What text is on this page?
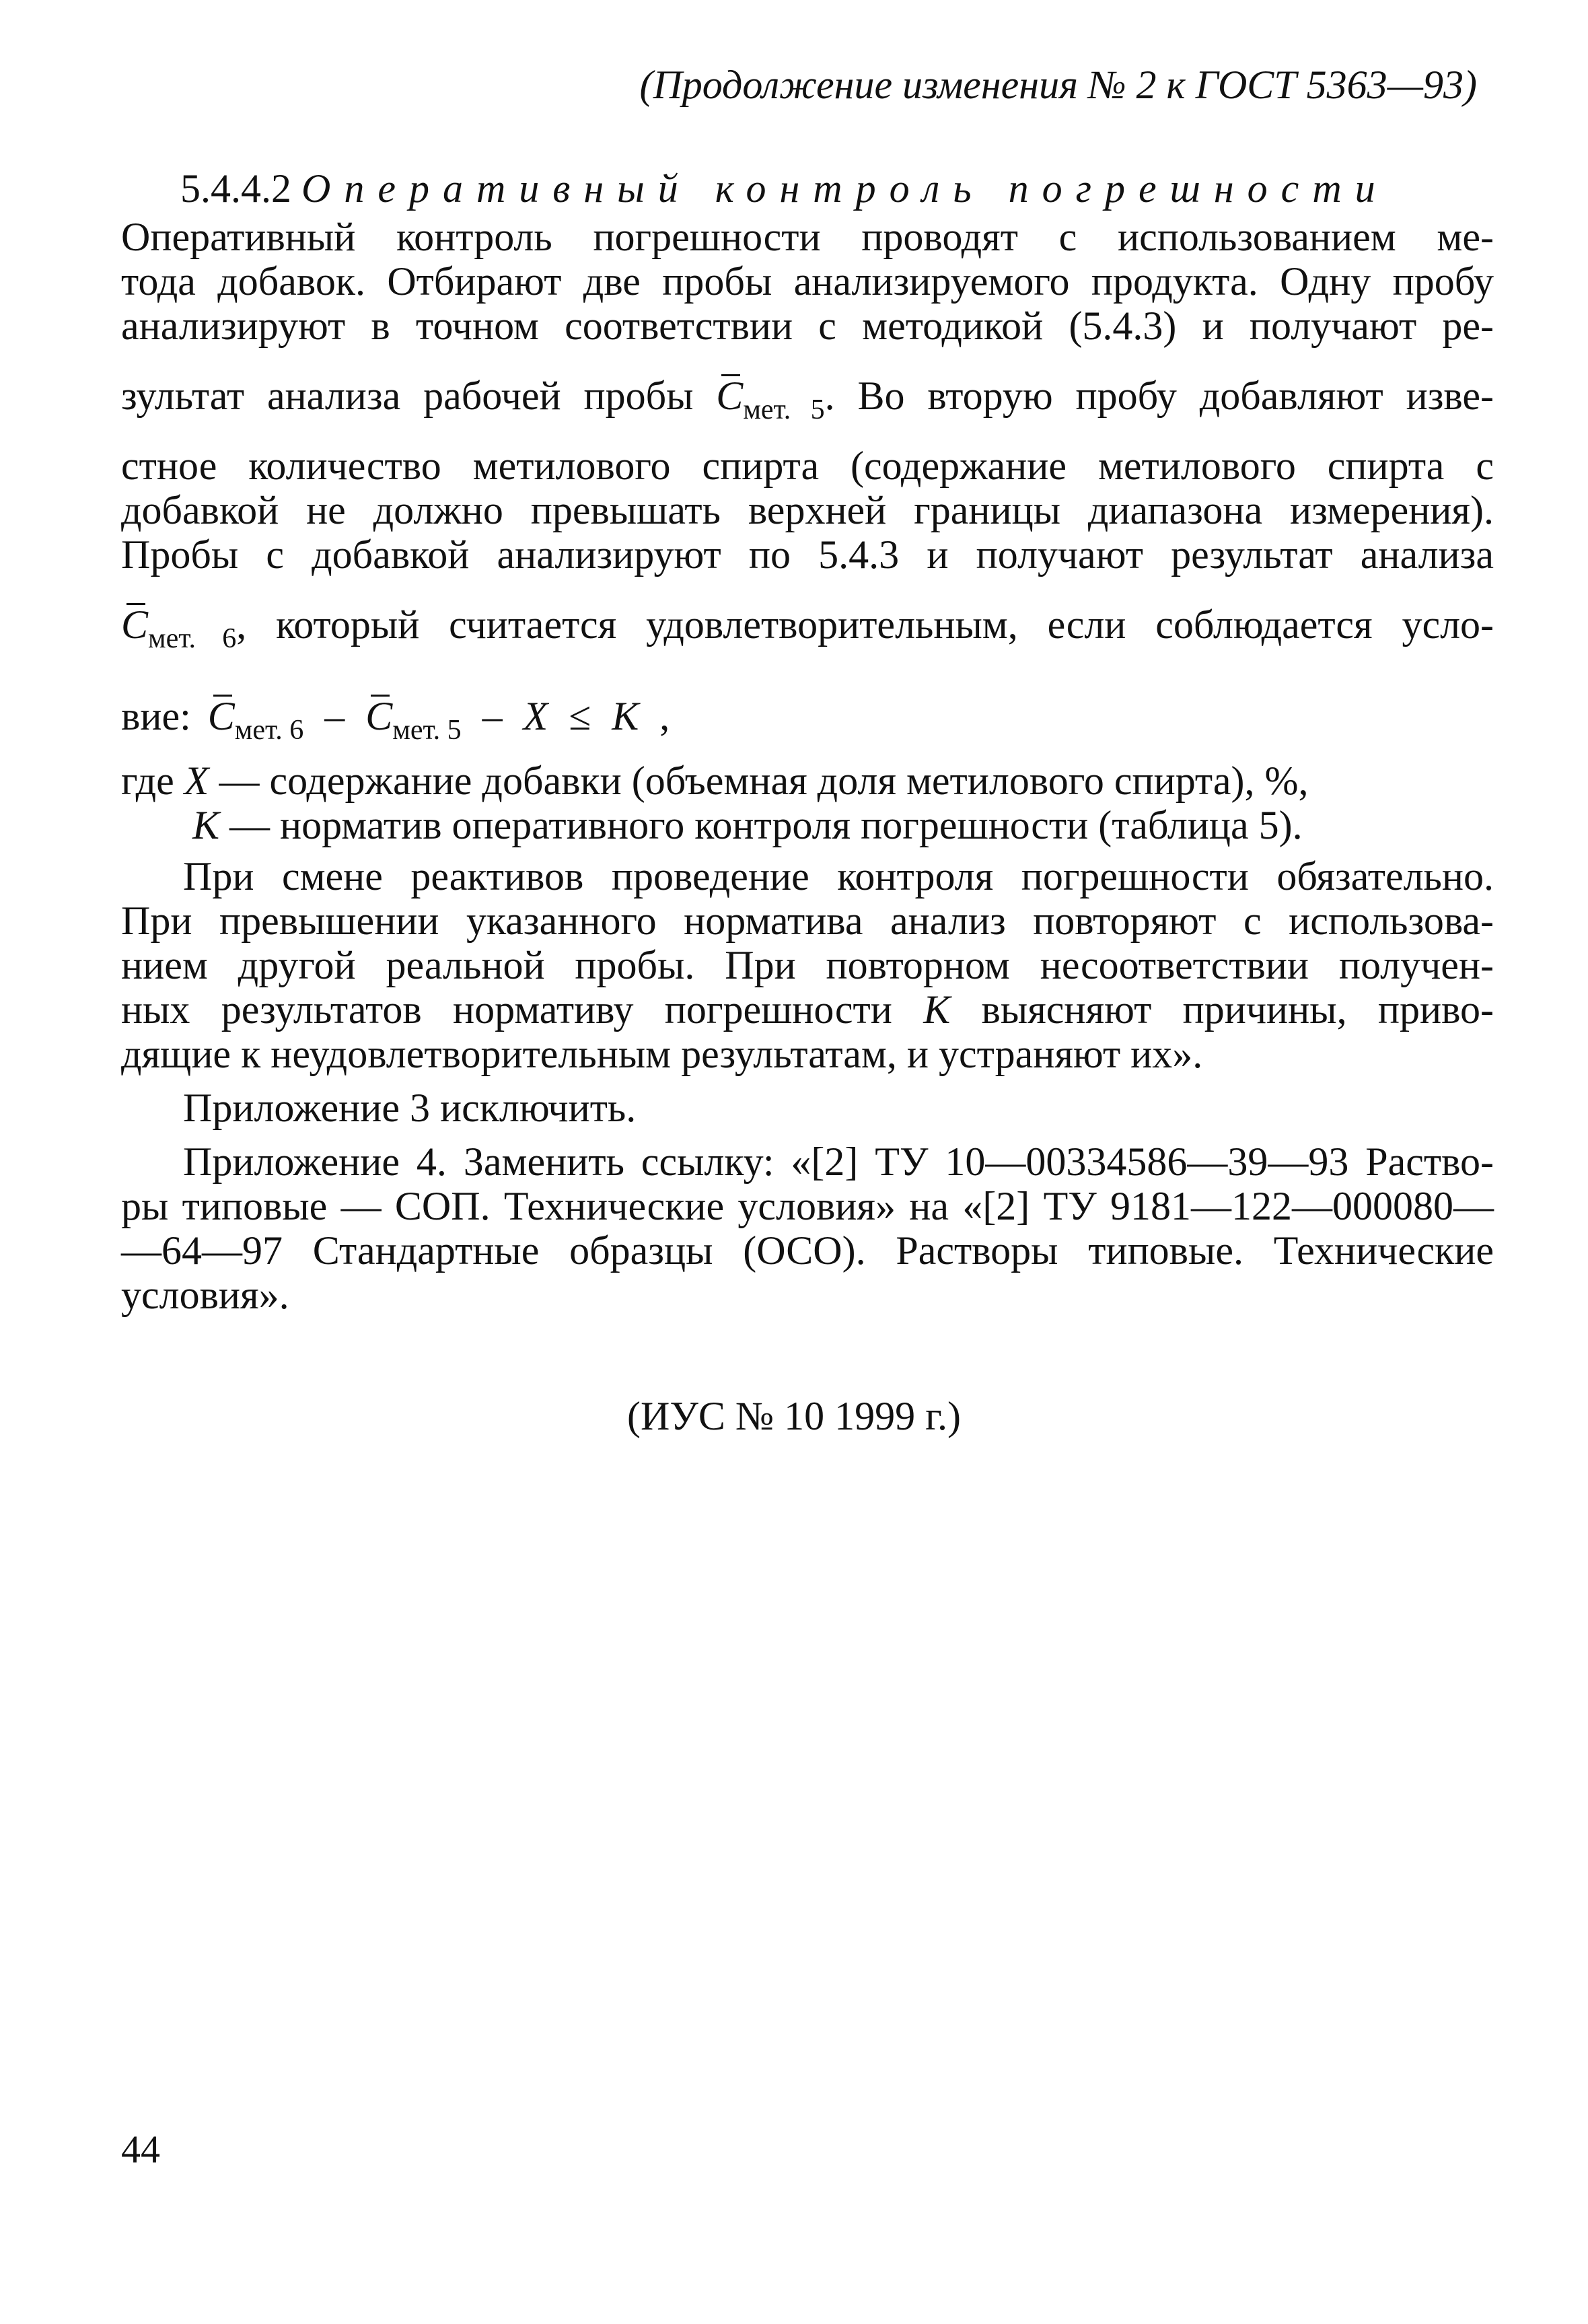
(Продолжение изменения № 2 к ГОСТ 5363—93)
5.4.4.2 Оперативный контроль погрешности
Оперативный контроль погрешности проводят с использованием ме-
тода добавок. Отбирают две пробы анализируемого продукта. Одну пробу
анализируют в точном соответствии с методикой (5.4.3) и получают ре-
зультат анализа рабочей пробы $C_{мет. 5}$. Во вторую пробу добавляют изве-
стное количество метилового спирта (содержание метилового спирта с
добавкой не должно превышать верхней границы диапазона измерения).
Пробы с добавкой анализируют по 5.4.3 и получают результат анализа
$C_{мет. 6}$, который считается удовлетворительным, если соблюдается усло-
вие: $C_{мет. 6} - C_{мет. 5} - X \le K$ ,
где X — содержание добавки (объемная доля метилового спирта), %,
K — норматив оперативного контроля погрешности (таблица 5).
При смене реактивов проведение контроля погрешности обязательно.
При превышении указанного норматива анализ повторяют с использова-
нием другой реальной пробы. При повторном несоответствии получен-
ных результатов нормативу погрешности K выясняют причины, приво-
дящие к неудовлетворительным результатам, и устраняют их».
Приложение 3 исключить.
Приложение 4. Заменить ссылку: «[2] ТУ 10—00334586—39—93 Раство-
ры типовые — СОП. Технические условия» на «[2] ТУ 9181—122—000080—
—64—97 Стандартные образцы (ОСО). Растворы типовые. Технические
условия».
(ИУС № 10 1999 г.)
44
